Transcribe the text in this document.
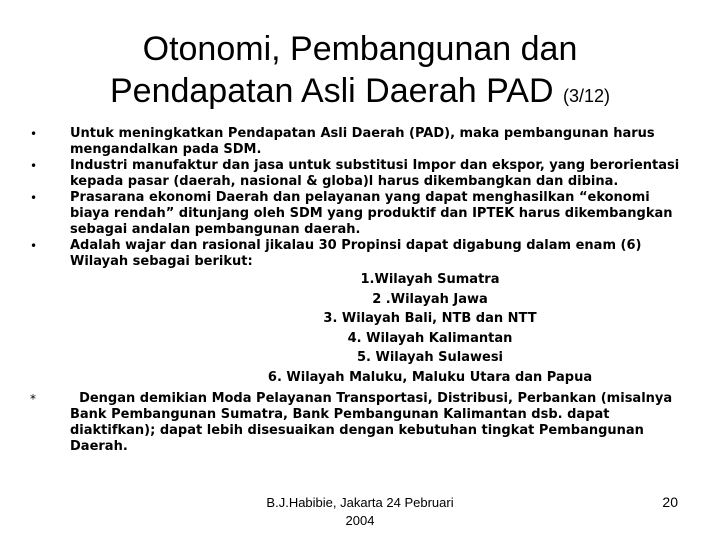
Otonomi, Pembangunan dan
Pendapatan Asli Daerah PAD (3/12)
•	Untuk meningkatkan Pendapatan Asli Daerah (PAD), maka pembangunan harus mengandalkan pada SDM.
•	Industri manufaktur dan jasa untuk substitusi Impor dan ekspor, yang berorientasi kepada pasar (daerah, nasional & globa)l harus dikembangkan dan dibina.
•	Prasarana ekonomi Daerah dan pelayanan yang dapat menghasilkan “ekonomi biaya rendah” ditunjang oleh SDM yang produktif dan IPTEK harus dikembangkan sebagai andalan pembangunan daerah.
•	Adalah wajar dan rasional jikalau 30 Propinsi dapat digabung dalam enam (6) Wilayah sebagai berikut:
1.Wilayah Sumatra
2 .Wilayah Jawa
3. Wilayah Bali, NTB dan NTT
4. Wilayah Kalimantan
5. Wilayah Sulawesi
6. Wilayah Maluku, Maluku Utara dan Papua
*	Dengan demikian Moda Pelayanan Transportasi, Distribusi, Perbankan (misalnya Bank Pembangunan Sumatra, Bank Pembangunan Kalimantan dsb. dapat diaktifkan); dapat lebih disesuaikan dengan kebutuhan tingkat Pembangunan Daerah.
B.J.Habibie, Jakarta 24 Pebruari
2004
20
